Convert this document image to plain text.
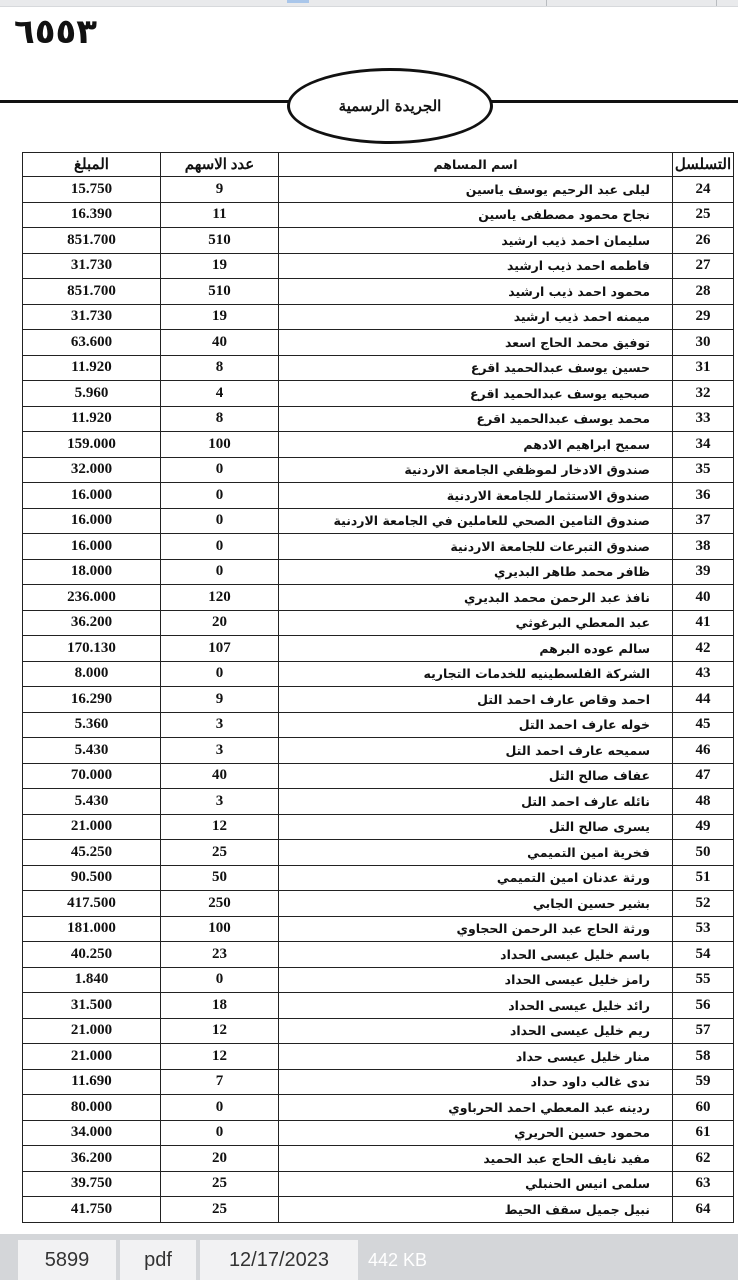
٦٥٥٣
الجريدة الرسمية
المبلغ	عدد الاسهم	اسم المساهم	التسلسل
15.750	9	ليلى عبد الرحيم يوسف ياسين	24
16.390	11	نجاح محمود مصطفى ياسين	25
851.700	510	سليمان احمد ذيب ارشيد	26
31.730	19	فاطمه احمد ذيب ارشيد	27
851.700	510	محمود احمد ذيب ارشيد	28
31.730	19	ميمنه احمد ذيب ارشيد	29
63.600	40	توفيق محمد الحاج اسعد	30
11.920	8	حسين يوسف عبدالحميد اقرع	31
5.960	4	صبحيه يوسف عبدالحميد اقرع	32
11.920	8	محمد يوسف عبدالحميد اقرع	33
159.000	100	سميح ابراهيم الادهم	34
32.000	0	صندوق الادخار لموظفي الجامعة الاردنية	35
16.000	0	صندوق الاستثمار للجامعة الاردنية	36
16.000	0	صندوق التامين الصحي للعاملين في الجامعة الاردنية	37
16.000	0	صندوق التبرعات للجامعة الاردنية	38
18.000	0	ظافر محمد طاهر البديري	39
236.000	120	نافذ عبد الرحمن محمد البديري	40
36.200	20	عبد المعطي البرغوثي	41
170.130	107	سالم عوده البرهم	42
8.000	0	الشركة الفلسطينيه للخدمات التجاريه	43
16.290	9	احمد وقاص عارف احمد التل	44
5.360	3	خوله عارف احمد التل	45
5.430	3	سميحه عارف احمد التل	46
70.000	40	عفاف صالح التل	47
5.430	3	نائله عارف احمد التل	48
21.000	12	يسرى صالح التل	49
45.250	25	فخرية امين التميمي	50
90.500	50	ورثة عدنان امين التميمي	51
417.500	250	بشير حسين الجابي	52
181.000	100	ورثة الحاج عبد الرحمن الحجاوي	53
40.250	23	باسم خليل عيسى الحداد	54
1.840	0	رامز خليل عيسى الحداد	55
31.500	18	رائد خليل عيسى الحداد	56
21.000	12	ريم خليل عيسى الحداد	57
21.000	12	منار خليل عيسى حداد	58
11.690	7	ندى غالب داود حداد	59
80.000	0	ردينه عبد المعطي احمد الحرباوي	60
34.000	0	محمود حسين الحريري	61
36.200	20	مفيد نايف الحاج عبد الحميد	62
39.750	25	سلمى انيس الحنبلي	63
41.750	25	نبيل جميل سقف الحيط	64
5899	pdf	12/17/2023	442 KB
